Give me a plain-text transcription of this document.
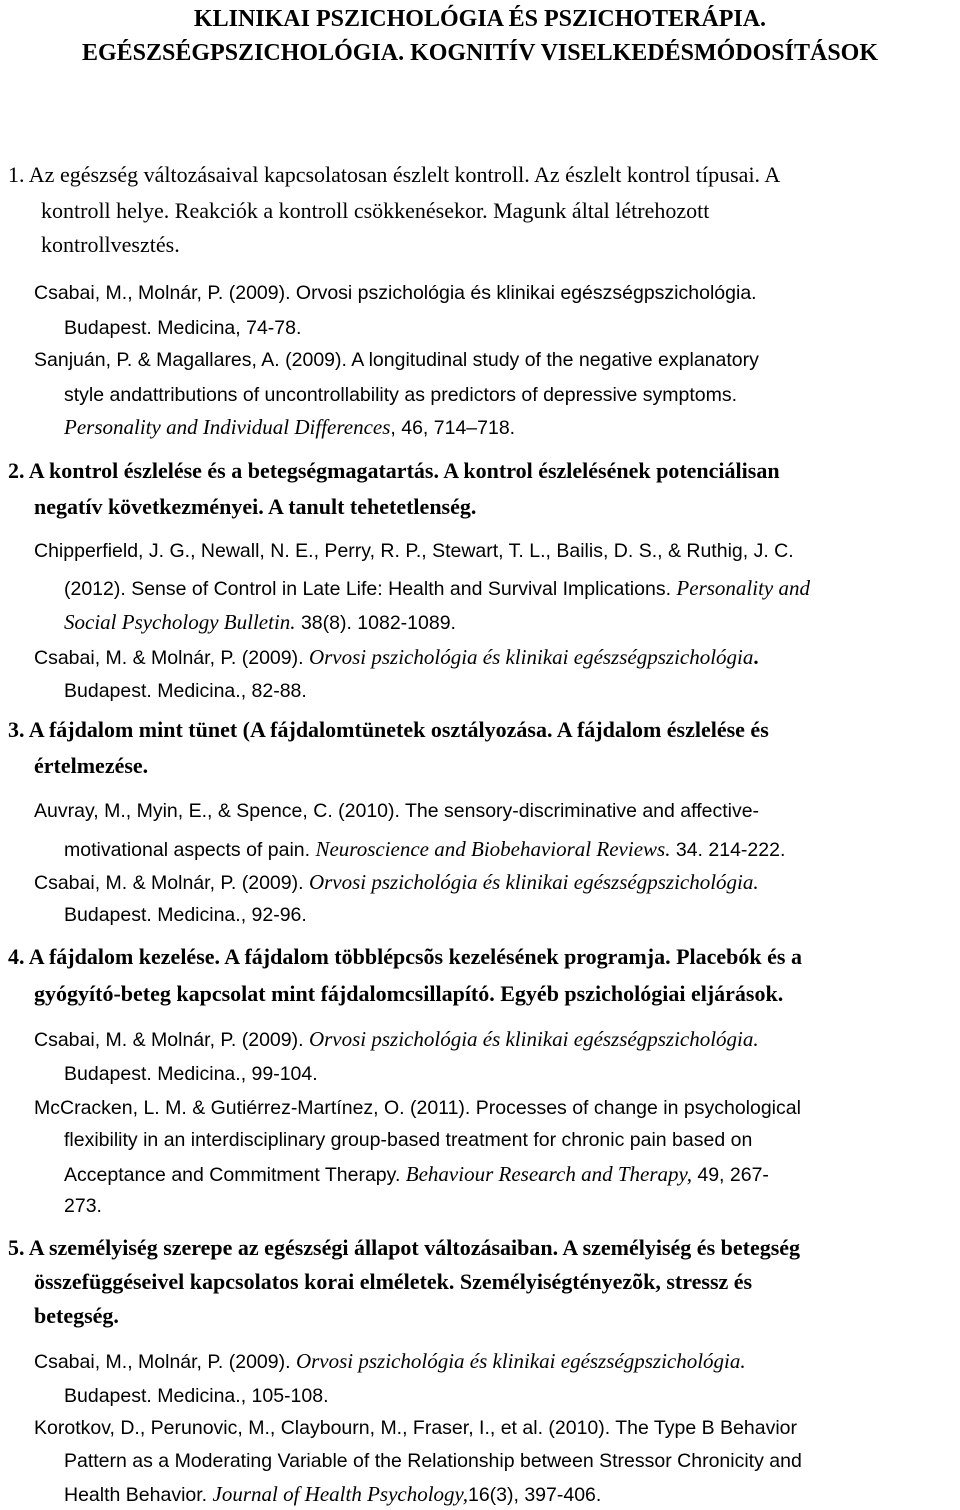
KLINIKAI PSZICHOLÓGIA ÉS PSZICHOTERÁPIA.
EGÉSZSÉGPSZICHOLÓGIA. KOGNITÍV VISELKEDÉSMÓDOSÍTÁSOK
1. Az egészség változásaival kapcsolatosan észlelt kontroll. Az észlelt kontrol típusai. A
kontroll helye. Reakciók a kontroll csökkenésekor. Magunk által létrehozott
kontrollvesztés.
Csabai, M., Molnár, P. (2009). Orvosi pszichológia és klinikai egészségpszichológia.
Budapest. Medicina, 74-78.
Sanjuán, P. & Magallares, A. (2009). A longitudinal study of the negative explanatory
style andattributions of uncontrollability as predictors of depressive symptoms.
Personality and Individual Differences, 46, 714–718.
2. A kontrol észlelése és a betegségmagatartás. A kontrol észlelésének potenciálisan
negatív következményei. A tanult tehetetlenség.
Chipperfield, J. G., Newall, N. E., Perry, R. P., Stewart, T. L., Bailis, D. S., & Ruthig, J. C.
(2012). Sense of Control in Late Life: Health and Survival Implications. Personality and
Social Psychology Bulletin. 38(8). 1082-1089.
Csabai, M. & Molnár, P. (2009). Orvosi pszichológia és klinikai egészségpszichológia.
Budapest. Medicina., 82-88.
3. A fájdalom mint tünet (A fájdalomtünetek osztályozása. A fájdalom észlelése és
értelmezése.
Auvray, M., Myin, E., & Spence, C. (2010). The sensory-discriminative and affective-
motivational aspects of pain. Neuroscience and Biobehavioral Reviews. 34. 214-222.
Csabai, M. & Molnár, P. (2009). Orvosi pszichológia és klinikai egészségpszichológia.
Budapest. Medicina., 92-96.
4. A fájdalom kezelése. A fájdalom többlépcsõs kezelésének programja. Placebók és a
gyógyító-beteg kapcsolat mint fájdalomcsillapító. Egyéb pszichológiai eljárások.
Csabai, M. & Molnár, P. (2009). Orvosi pszichológia és klinikai egészségpszichológia.
Budapest. Medicina., 99-104.
McCracken, L. M. & Gutiérrez-Martínez, O. (2011). Processes of change in psychological
flexibility in an interdisciplinary group-based treatment for chronic pain based on
Acceptance and Commitment Therapy. Behaviour Research and Therapy, 49, 267-
273.
5. A személyiség szerepe az egészségi állapot változásaiban. A személyiség és betegség
összefüggéseivel kapcsolatos korai elméletek. Személyiségtényezõk, stressz és
betegség.
Csabai, M., Molnár, P. (2009). Orvosi pszichológia és klinikai egészségpszichológia.
Budapest. Medicina., 105-108.
Korotkov, D., Perunovic, M., Claybourn, M., Fraser, I., et al. (2010). The Type B Behavior
Pattern as a Moderating Variable of the Relationship between Stressor Chronicity and
Health Behavior. Journal of Health Psychology,16(3), 397-406.
